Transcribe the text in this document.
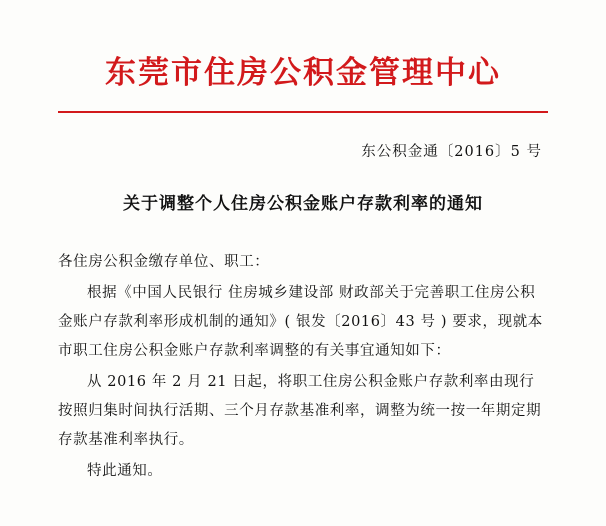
东莞市住房公积金管理中心
东公积金通〔2016〕5 号
关于调整个人住房公积金账户存款利率的通知

各住房公积金缴存单位、职工：

根据《中国人民银行 住房城乡建设部 财政部关于完善职工住房公积金账户存款利率形成机制的通知》( 银发〔2016〕43 号 ) 要求，现就本市职工住房公积金账户存款利率调整的有关事宜通知如下：

从 2016 年 2 月 21 日起，将职工住房公积金账户存款利率由现行按照归集时间执行活期、三个月存款基准利率，调整为统一按一年期定期存款基准利率执行。

特此通知。
